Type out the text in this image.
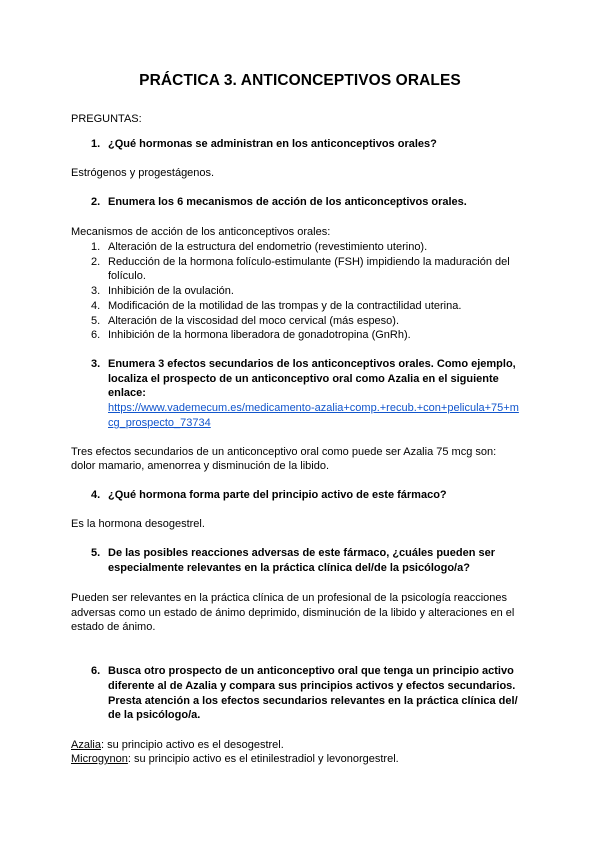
PRÁCTICA 3. ANTICONCEPTIVOS ORALES
PREGUNTAS:
1. ¿Qué hormonas se administran en los anticonceptivos orales?
Estrógenos y progestágenos.
2. Enumera los 6 mecanismos de acción de los anticonceptivos orales.
Mecanismos de acción de los anticonceptivos orales:
1. Alteración de la estructura del endometrio (revestimiento uterino).
2. Reducción de la hormona folículo-estimulante (FSH) impidiendo la maduración del
folículo.
3. Inhibición de la ovulación.
4. Modificación de la motilidad de las trompas y de la contractilidad uterina.
5. Alteración de la viscosidad del moco cervical (más espeso).
6. Inhibición de la hormona liberadora de gonadotropina (GnRh).
3. Enumera 3 efectos secundarios de los anticonceptivos orales. Como ejemplo,
localiza el prospecto de un anticonceptivo oral como Azalia en el siguiente
enlace:
https://www.vademecum.es/medicamento-azalia+comp.+recub.+con+pelicula+75+m
cg_prospecto_73734
Tres efectos secundarios de un anticonceptivo oral como puede ser Azalia 75 mcg son:
dolor mamario, amenorrea y disminución de la libido.
4. ¿Qué hormona forma parte del principio activo de este fármaco?
Es la hormona desogestrel.
5. De las posibles reacciones adversas de este fármaco, ¿cuáles pueden ser
especialmente relevantes en la práctica clínica del/de la psicólogo/a?
Pueden ser relevantes en la práctica clínica de un profesional de la psicología reacciones
adversas como un estado de ánimo deprimido, disminución de la libido y alteraciones en el
estado de ánimo.
6. Busca otro prospecto de un anticonceptivo oral que tenga un principio activo
diferente al de Azalia y compara sus principios activos y efectos secundarios.
Presta atención a los efectos secundarios relevantes en la práctica clínica del/
de la psicólogo/a.
Azalia: su principio activo es el desogestrel.
Microgynon: su principio activo es el etinilestradiol y levonorgestrel.
